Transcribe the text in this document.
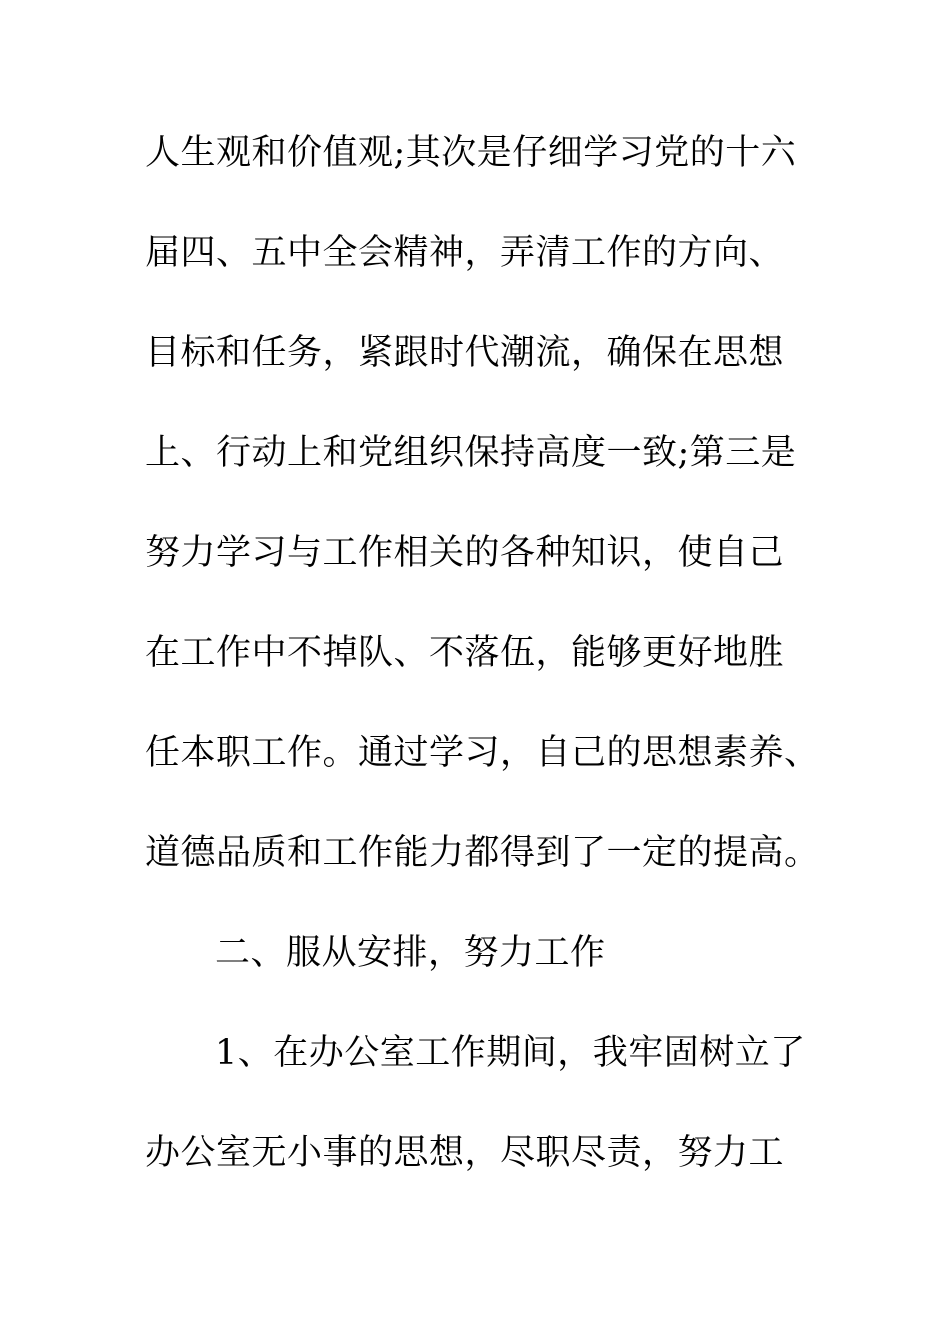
人生观和价值观;其次是仔细学习党的十六
届四、五中全会精神，弄清工作的方向、
目标和任务，紧跟时代潮流，确保在思想
上、行动上和党组织保持高度一致;第三是
努力学习与工作相关的各种知识，使自己
在工作中不掉队、不落伍，能够更好地胜
任本职工作。通过学习，自己的思想素养、
道德品质和工作能力都得到了一定的提高。
二、服从安排，努力工作
1、在办公室工作期间，我牢固树立了
办公室无小事的思想，尽职尽责，努力工
